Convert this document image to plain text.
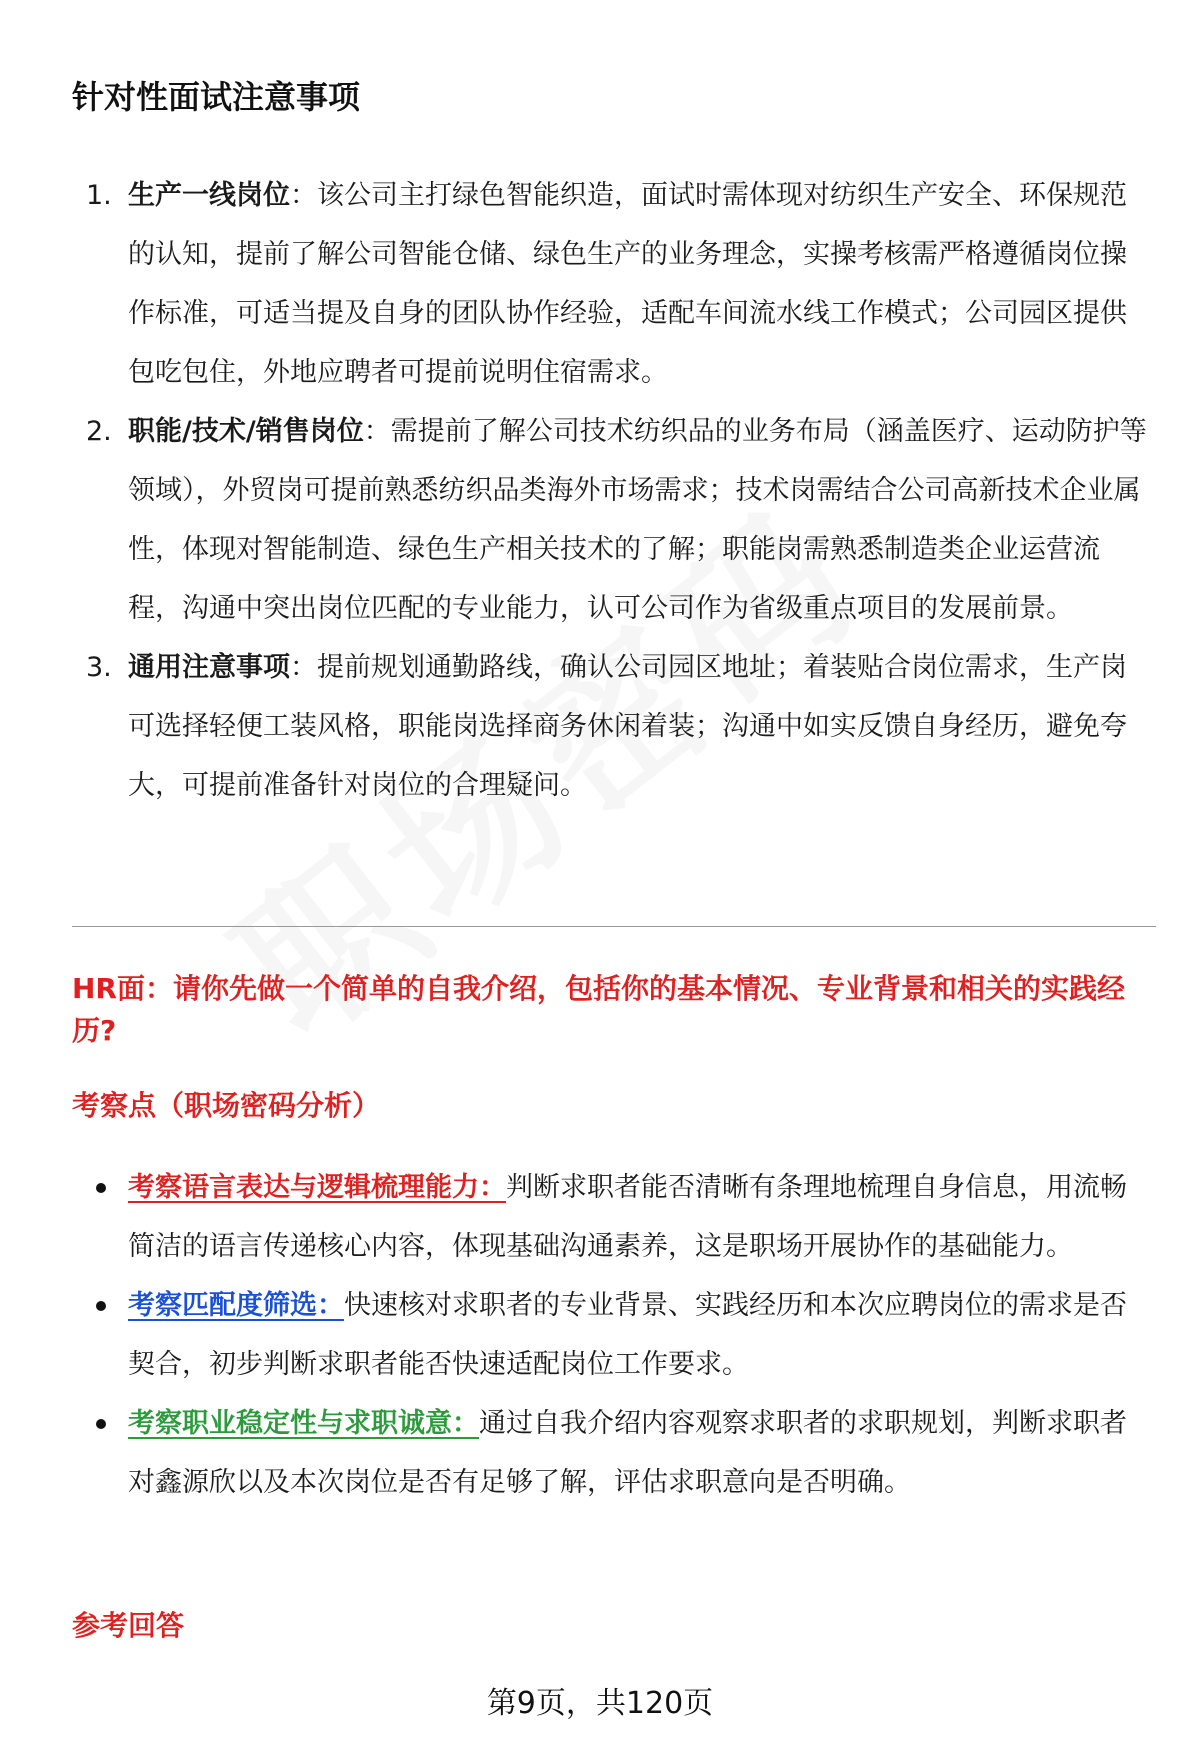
针对性面试注意事项
1. 生产一线岗位：该公司主打绿色智能织造，面试时需体现对纺织生产安全、环保规范的认知，提前了解公司智能仓储、绿色生产的业务理念，实操考核需严格遵循岗位操作标准，可适当提及自身的团队协作经验，适配车间流水线工作模式；公司园区提供包吃包住，外地应聘者可提前说明住宿需求。
2. 职能/技术/销售岗位：需提前了解公司技术纺织品的业务布局（涵盖医疗、运动防护等领域），外贸岗可提前熟悉纺织品类海外市场需求；技术岗需结合公司高新技术企业属性，体现对智能制造、绿色生产相关技术的了解；职能岗需熟悉制造类企业运营流程，沟通中突出岗位匹配的专业能力，认可公司作为省级重点项目的发展前景。
3. 通用注意事项：提前规划通勤路线，确认公司园区地址；着装贴合岗位需求，生产岗可选择轻便工装风格，职能岗选择商务休闲着装；沟通中如实反馈自身经历，避免夸大，可提前准备针对岗位的合理疑问。
HR面：请你先做一个简单的自我介绍，包括你的基本情况、专业背景和相关的实践经历?
考察点（职场密码分析）
考察语言表达与逻辑梳理能力：判断求职者能否清晰有条理地梳理自身信息，用流畅简洁的语言传递核心内容，体现基础沟通素养，这是职场开展协作的基础能力。
考察匹配度筛选：快速核对求职者的专业背景、实践经历和本次应聘岗位的需求是否契合，初步判断求职者能否快速适配岗位工作要求。
考察职业稳定性与求职诚意：通过自我介绍内容观察求职者的求职规划，判断求职者对鑫源欣以及本次岗位是否有足够了解，评估求职意向是否明确。
参考回答
第9页，共120页
